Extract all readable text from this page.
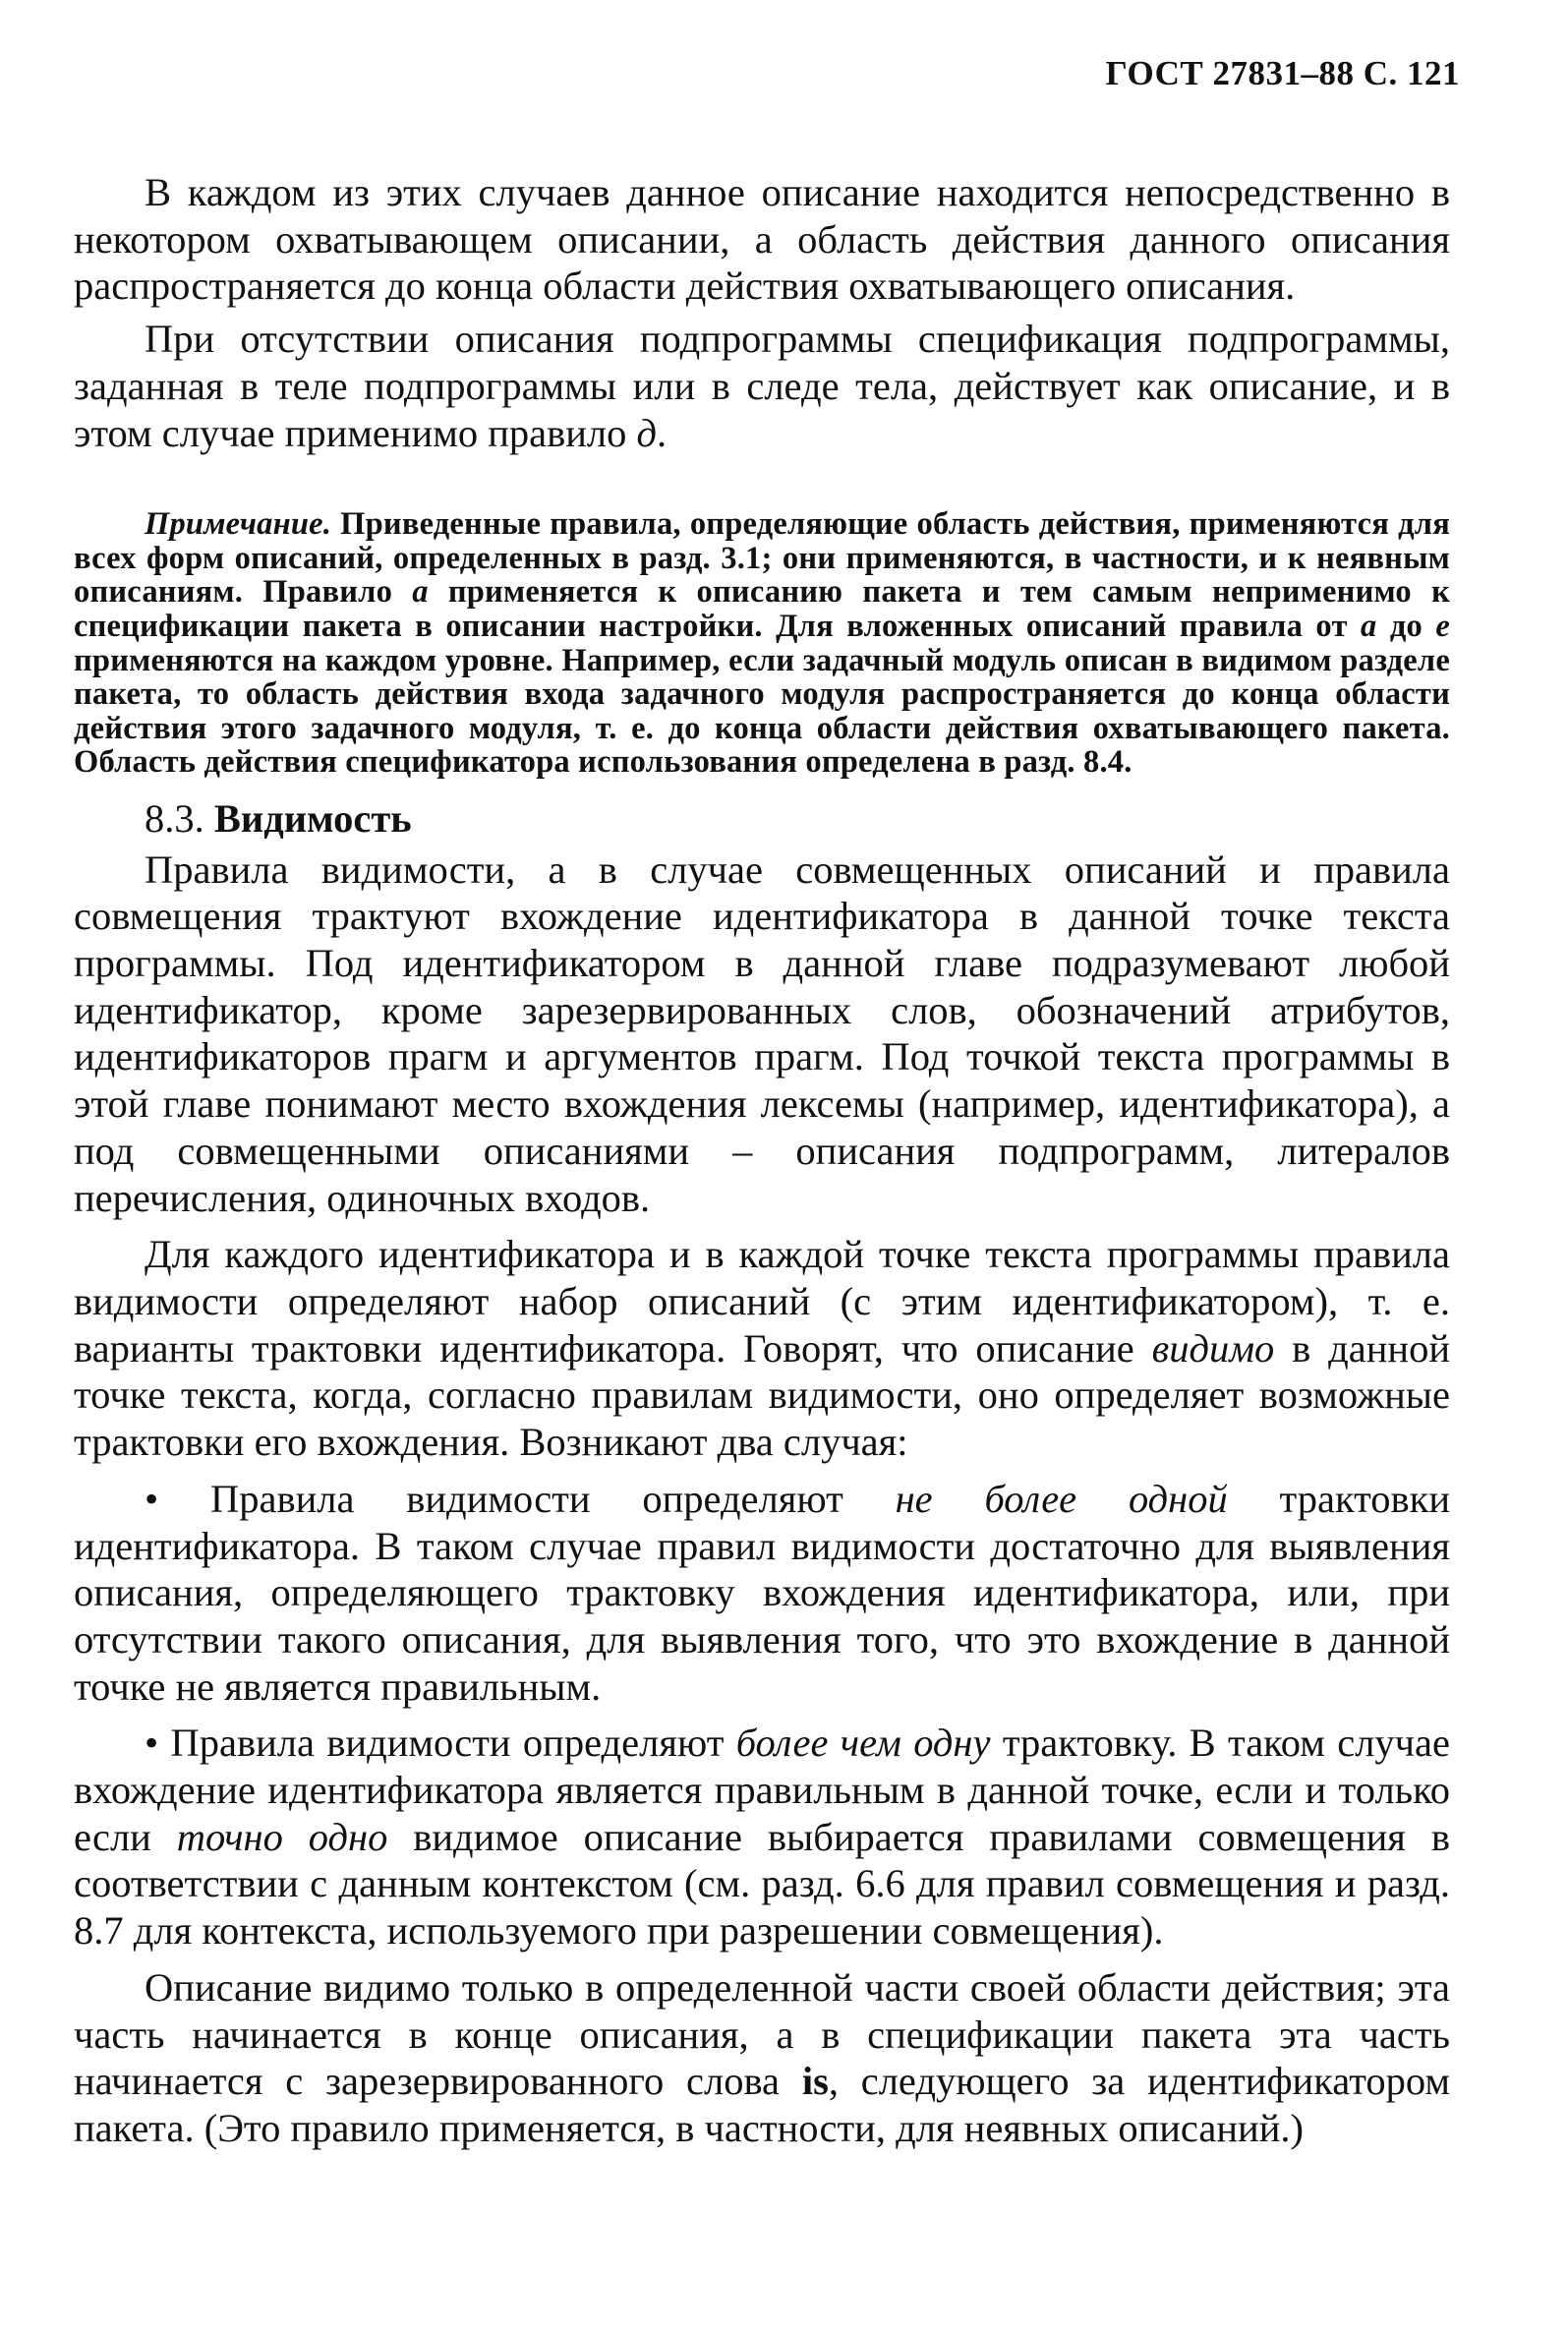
ГОСТ 27831–88 С. 121

В каждом из этих случаев данное описание находится непосредственно в некотором охватывающем описании, а область действия данного описания распространяется до конца области действия охватывающего описания.

При отсутствии описания подпрограммы спецификация подпрограммы, заданная в теле подпрограммы или в следе тела, действует как описание, и в этом случае применимо правило д.

Примечание. Приведенные правила, определяющие область действия, применяются для всех форм описаний, определенных в разд. 3.1; они применяются, в частности, и к неявным описаниям. Правило а применяется к описанию пакета и тем самым неприменимо к спецификации пакета в описании настройки. Для вложенных описаний правила от а до е применяются на каждом уровне. Например, если задачный модуль описан в видимом разделе пакета, то область действия входа задачного модуля распространяется до конца области действия этого задачного модуля, т. е. до конца области действия охватывающего пакета. Область действия спецификатора использования определена в разд. 8.4.

8.3. Видимость

Правила видимости, а в случае совмещенных описаний и правила совмещения трактуют вхождение идентификатора в данной точке текста программы. Под идентификатором в данной главе подразумевают любой идентификатор, кроме зарезервированных слов, обозначений атрибутов, идентификаторов прагм и аргументов прагм. Под точкой текста программы в этой главе понимают место вхождения лексемы (например, идентификатора), а под совмещенными описаниями – описания подпрограмм, литералов перечисления, одиночных входов.

Для каждого идентификатора и в каждой точке текста программы правила видимости определяют набор описаний (с этим идентификатором), т. е. варианты трактовки идентификатора. Говорят, что описание видимо в данной точке текста, когда, согласно правилам видимости, оно определяет возможные трактовки его вхождения. Возникают два случая:

• Правила видимости определяют не более одной трактовки идентификатора. В таком случае правил видимости достаточно для выявления описания, определяющего трактовку вхождения идентификатора, или, при отсутствии такого описания, для выявления того, что это вхождение в данной точке не является правильным.

• Правила видимости определяют более чем одну трактовку. В таком случае вхождение идентификатора является правильным в данной точке, если и только если точно одно видимое описание выбирается правилами совмещения в соответствии с данным контекстом (см. разд. 6.6 для правил совмещения и разд. 8.7 для контекста, используемого при разрешении совмещения).

Описание видимо только в определенной части своей области действия; эта часть начинается в конце описания, а в спецификации пакета эта часть начинается с зарезервированного слова is, следующего за идентификатором пакета. (Это правило применяется, в частности, для неявных описаний.)
